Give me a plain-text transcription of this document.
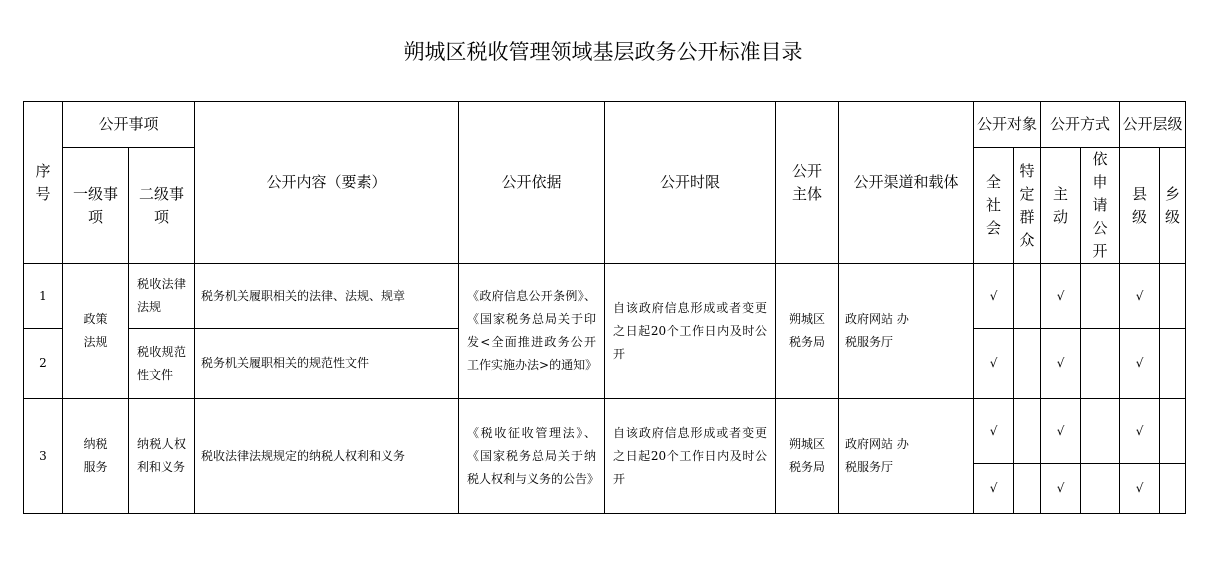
朔城区税收管理领域基层政务公开标准目录
序号	公开事项		公开内容（要素）	公开依据	公开时限	公开主体	公开渠道和载体	公开对象		公开方式		公开层级	
	一级事项	二级事项						全社会	特定群众	主动	依申请公开	县级	乡级
1	政策法规	税收法律法规	税务机关履职相关的法律、法规、规章	《政府信息公开条例》、《国家税务总局关于印发<全面推进政务公开工作实施办法>的通知》	自该政府信息形成或者变更之日起20个工作日内及时公开	朔城区税务局	政府网站 办税服务厅	√		√		√	
2		税收规范性文件	税务机关履职相关的规范性文件					√		√		√	
3	纳税服务	纳税人权利和义务	税收法律法规规定的纳税人权利和义务	《税收征收管理法》、《国家税务总局关于纳税人权利与义务的公告》	自该政府信息形成或者变更之日起20个工作日内及时公开	朔城区税务局	政府网站 办税服务厅	√		√		√	
								√		√		√	
